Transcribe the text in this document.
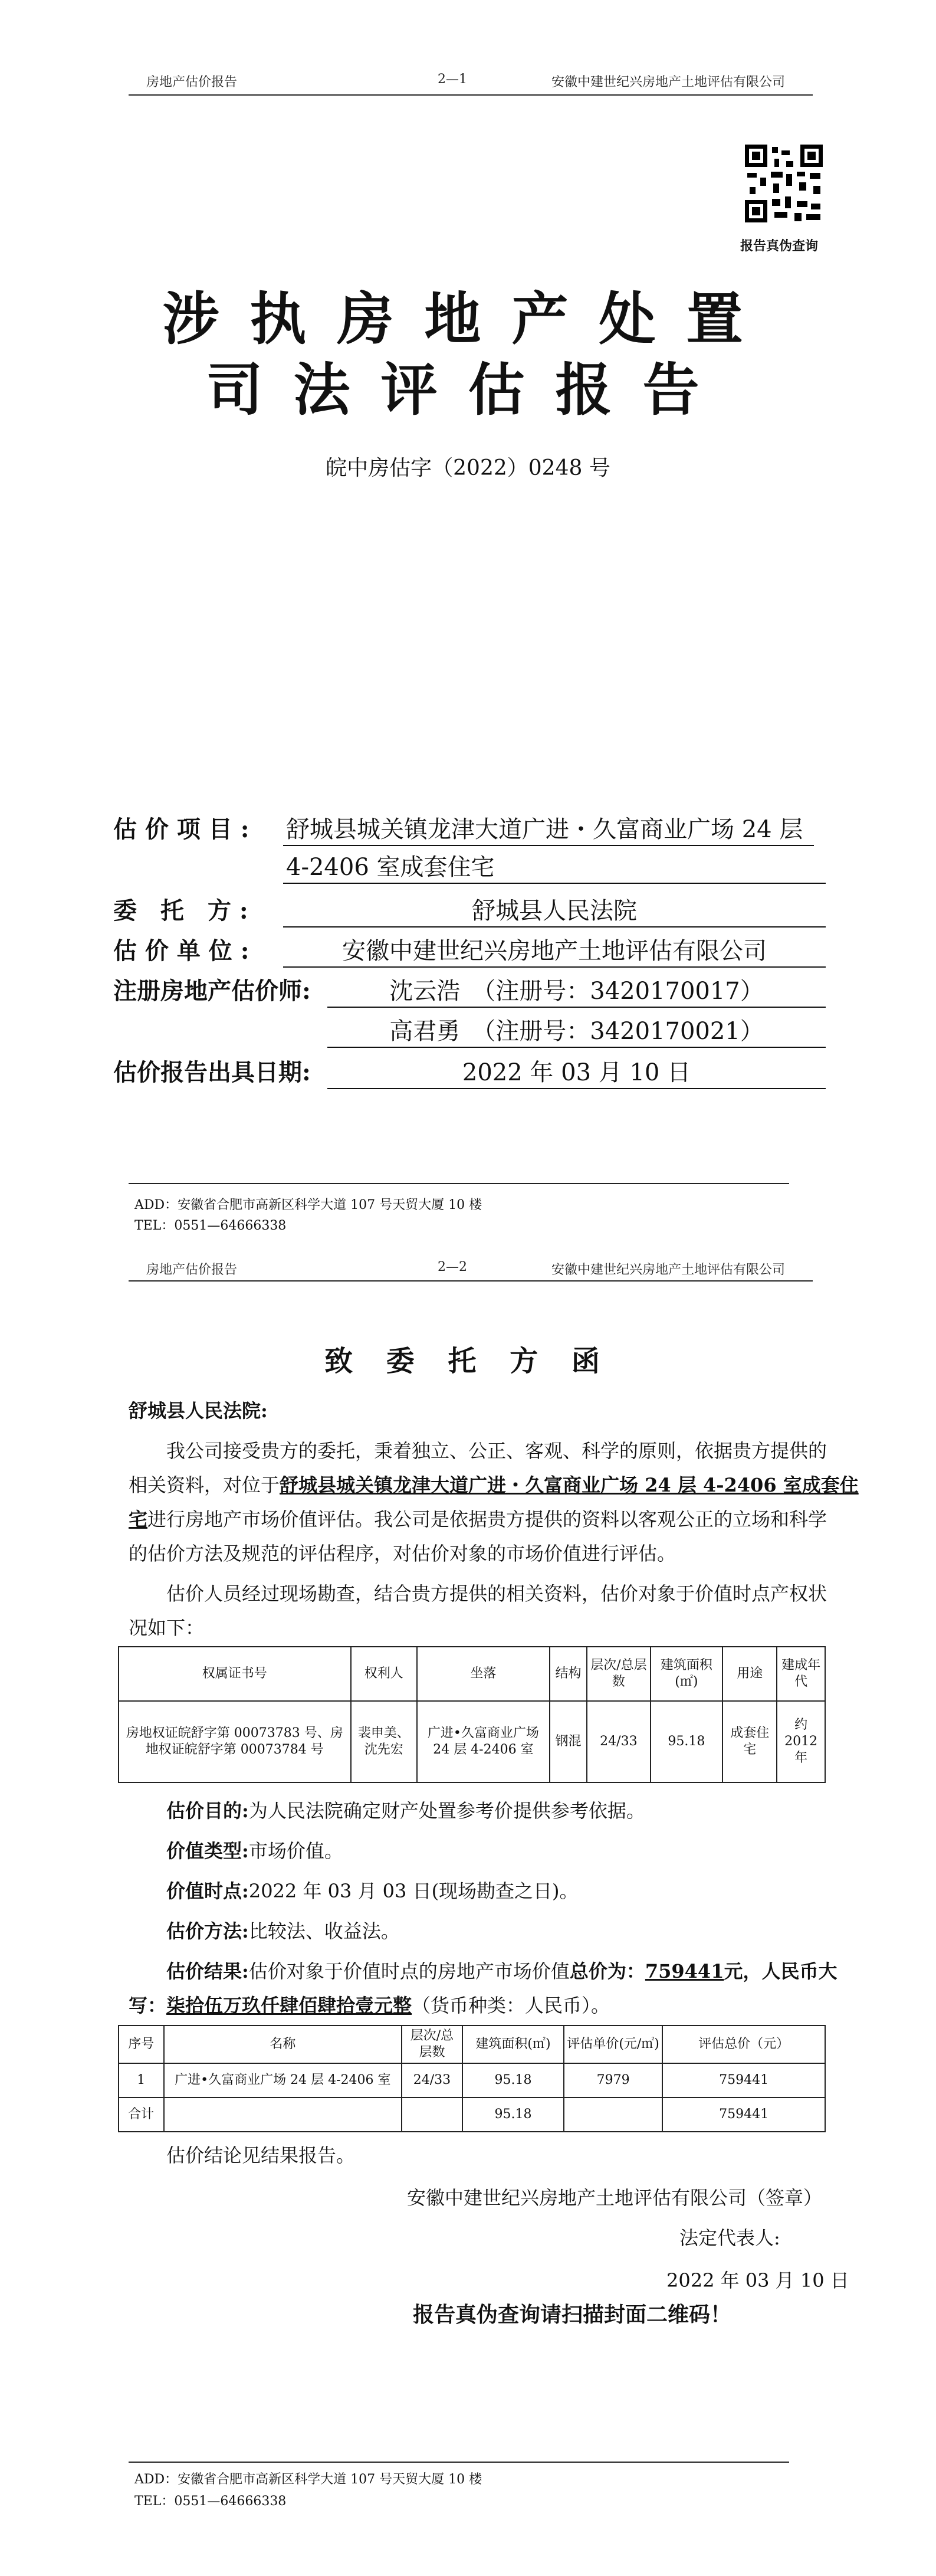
房地产估价报告	2—1	安徽中建世纪兴房地产土地评估有限公司
报告真伪查询
涉执房地产处置
司法评估报告
皖中房估字（2022）0248 号
估 价 项 目 : 舒城县城关镇龙津大道广进・久富商业广场 24 层
4-2406 室成套住宅
委　托　方 :	舒城县人民法院
估 价 单 位 :	安徽中建世纪兴房地产土地评估有限公司
注册房地产估价师:	沈云浩　（注册号：3420170017）
高君勇　（注册号：3420170021）
估价报告出具日期:	2022 年 03 月 10 日
ADD：安徽省合肥市高新区科学大道 107 号天贸大厦 10 楼
TEL：0551—64666338
房地产估价报告	2—2	安徽中建世纪兴房地产土地评估有限公司
致 委 托 方 函
舒城县人民法院:
我公司接受贵方的委托，秉着独立、公正、客观、科学的原则，依据贵方提供的
相关资料，对位于舒城县城关镇龙津大道广进・久富商业广场 24 层 4-2406 室成套住
宅进行房地产市场价值评估。我公司是依据贵方提供的资料以客观公正的立场和科学
的估价方法及规范的评估程序，对估价对象的市场价值进行评估。
估价人员经过现场勘查，结合贵方提供的相关资料，估价对象于价值时点产权状
况如下：
权属证书号	权利人	坐落	结构	层次/总层数	建筑面积(㎡)	用途	建成年代
房地权证皖舒字第 00073783 号、房地权证皖舒字第 00073784 号	裴申美、沈先宏	广进•久富商业广场 24 层 4-2406 室	钢混	24/33	95.18	成套住宅	约 2012 年
估价目的:为人民法院确定财产处置参考价提供参考依据。
价值类型:市场价值。
价值时点:2022 年 03 月 03 日(现场勘查之日)。
估价方法:比较法、收益法。
估价结果:估价对象于价值时点的房地产市场价值总价为：759441元，人民币大
写：柒拾伍万玖仟肆佰肆拾壹元整（货币种类：人民币）。
序号	名称	层次/总层数	建筑面积(㎡)	评估单价(元/㎡)	评估总价（元）
1	广进•久富商业广场 24 层 4-2406 室	24/33	95.18	7979	759441
合计			95.18		759441
估价结论见结果报告。
安徽中建世纪兴房地产土地评估有限公司（签章）
法定代表人:
2022 年 03 月 10 日
报告真伪查询请扫描封面二维码！
ADD：安徽省合肥市高新区科学大道 107 号天贸大厦 10 楼
TEL：0551—64666338
